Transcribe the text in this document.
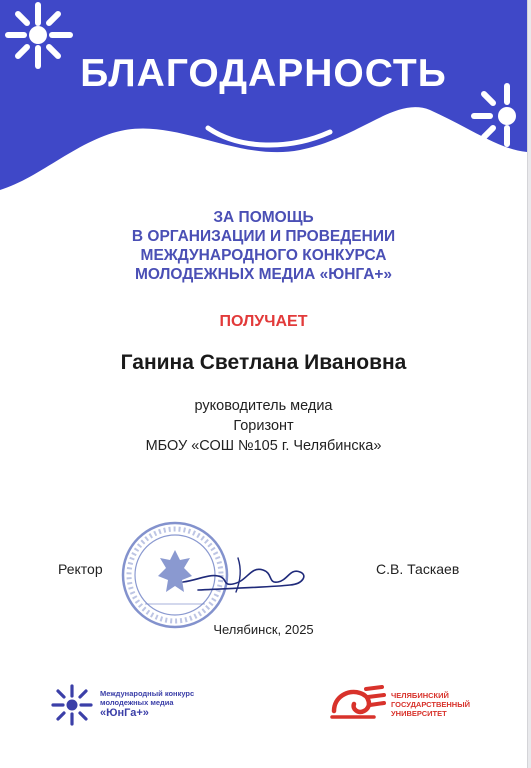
БЛАГОДАРНОСТЬ
ЗА ПОМОЩЬ
В ОРГАНИЗАЦИИ И ПРОВЕДЕНИИ
МЕЖДУНАРОДНОГО КОНКУРСА
МОЛОДЕЖНЫХ МЕДИА «ЮНГА+»
ПОЛУЧАЕТ
Ганина Светлана Ивановна
руководитель медиа
Горизонт
МБОУ «СОШ №105 г. Челябинска»
Ректор	С.В. Таскаев
Челябинск, 2025
Международный конкурс
молодежных медиа
«ЮнГа+»
ЧЕЛЯБИНСКИЙ
ГОСУДАРСТВЕННЫЙ
УНИВЕРСИТЕТ
